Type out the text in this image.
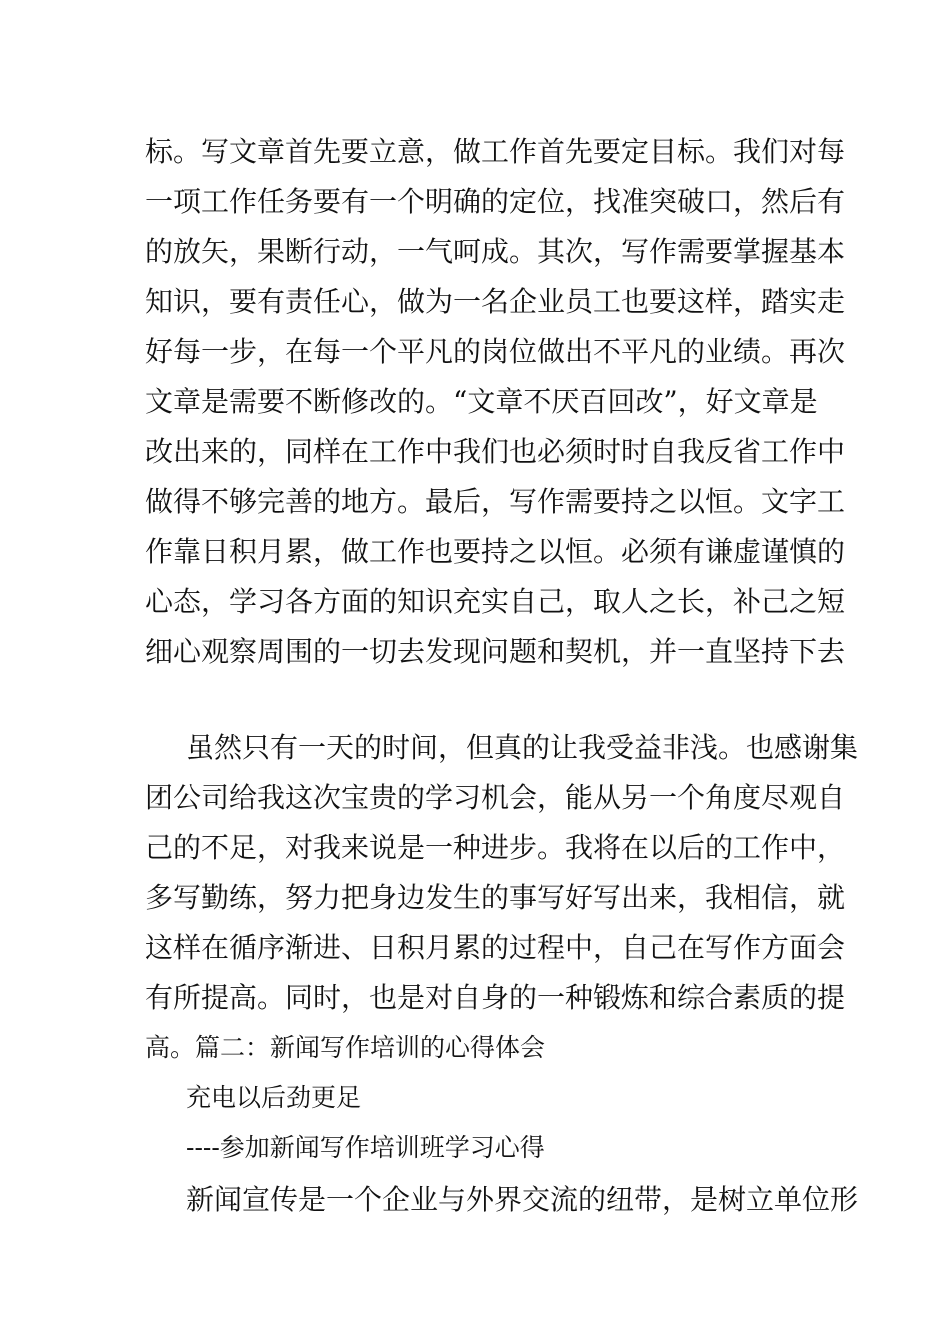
标。写文章首先要立意，做工作首先要定目标。我们对每
一项工作任务要有一个明确的定位，找准突破口，然后有
的放矢，果断行动，一气呵成。其次，写作需要掌握基本
知识，要有责任心，做为一名企业员工也要这样，踏实走
好每一步，在每一个平凡的岗位做出不平凡的业绩。再次
文章是需要不断修改的。“文章不厌百回改”，好文章是
改出来的，同样在工作中我们也必须时时自我反省工作中
做得不够完善的地方。最后，写作需要持之以恒。文字工
作靠日积月累，做工作也要持之以恒。必须有谦虚谨慎的
心态，学习各方面的知识充实自己，取人之长，补己之短
细心观察周围的一切去发现问题和契机，并一直坚持下去
虽然只有一天的时间，但真的让我受益非浅。也感谢集
团公司给我这次宝贵的学习机会，能从另一个角度尽观自
己的不足，对我来说是一种进步。我将在以后的工作中，
多写勤练，努力把身边发生的事写好写出来，我相信，就
这样在循序渐进、日积月累的过程中，自己在写作方面会
有所提高。同时，也是对自身的一种锻炼和综合素质的提
高。篇二：新闻写作培训的心得体会
充电以后劲更足
----参加新闻写作培训班学习心得
新闻宣传是一个企业与外界交流的纽带，是树立单位形
